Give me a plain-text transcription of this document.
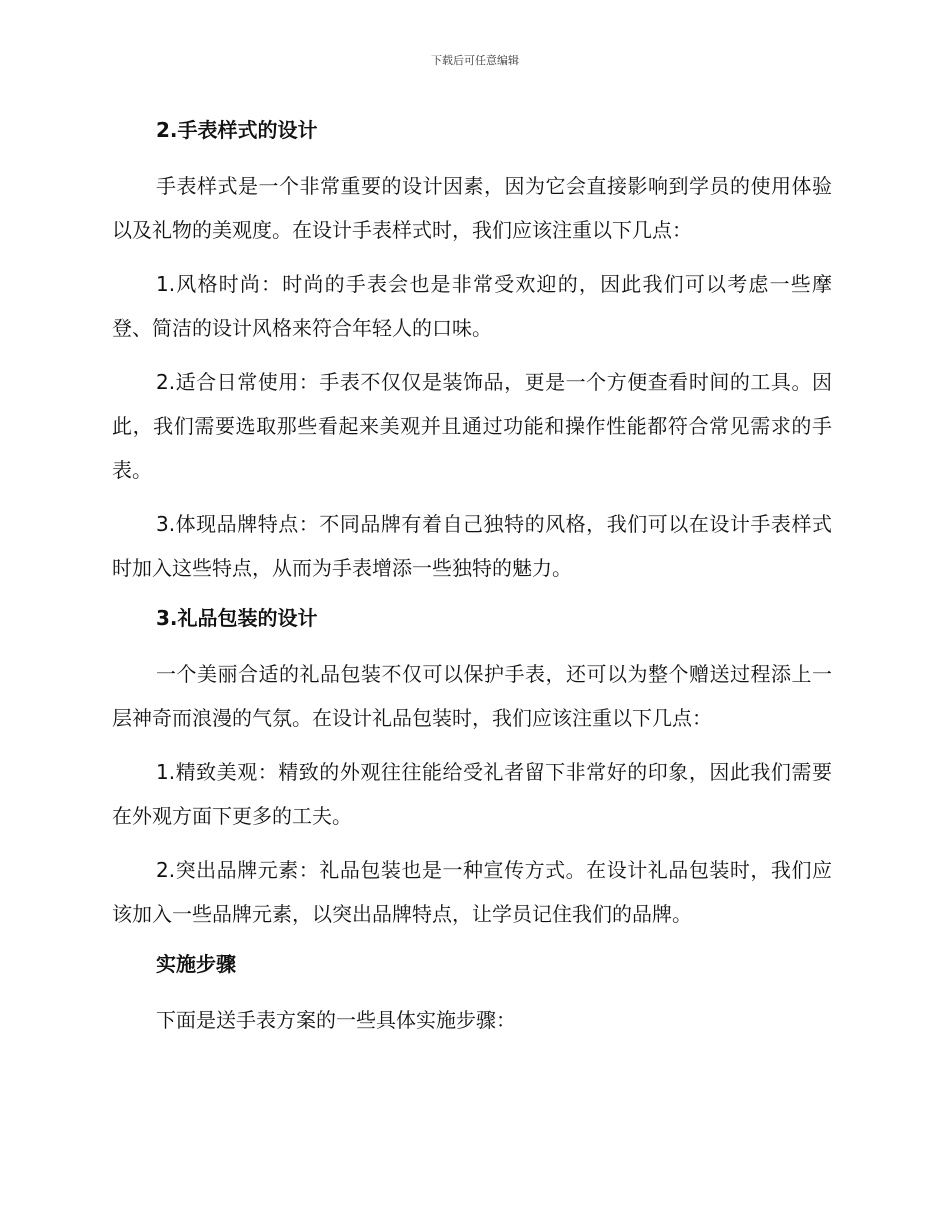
下载后可任意编辑
2.手表样式的设计

手表样式是一个非常重要的设计因素，因为它会直接影响到学员的使用体验以及礼物的美观度。在设计手表样式时，我们应该注重以下几点：

1.风格时尚：时尚的手表会也是非常受欢迎的，因此我们可以考虑一些摩登、简洁的设计风格来符合年轻人的口味。

2.适合日常使用：手表不仅仅是装饰品，更是一个方便查看时间的工具。因此，我们需要选取那些看起来美观并且通过功能和操作性能都符合常见需求的手表。

3.体现品牌特点：不同品牌有着自己独特的风格，我们可以在设计手表样式时加入这些特点，从而为手表增添一些独特的魅力。

3.礼品包装的设计

一个美丽合适的礼品包装不仅可以保护手表，还可以为整个赠送过程添上一层神奇而浪漫的气氛。在设计礼品包装时，我们应该注重以下几点：

1.精致美观：精致的外观往往能给受礼者留下非常好的印象，因此我们需要在外观方面下更多的工夫。

2.突出品牌元素：礼品包装也是一种宣传方式。在设计礼品包装时，我们应该加入一些品牌元素，以突出品牌特点，让学员记住我们的品牌。

实施步骤

下面是送手表方案的一些具体实施步骤：
